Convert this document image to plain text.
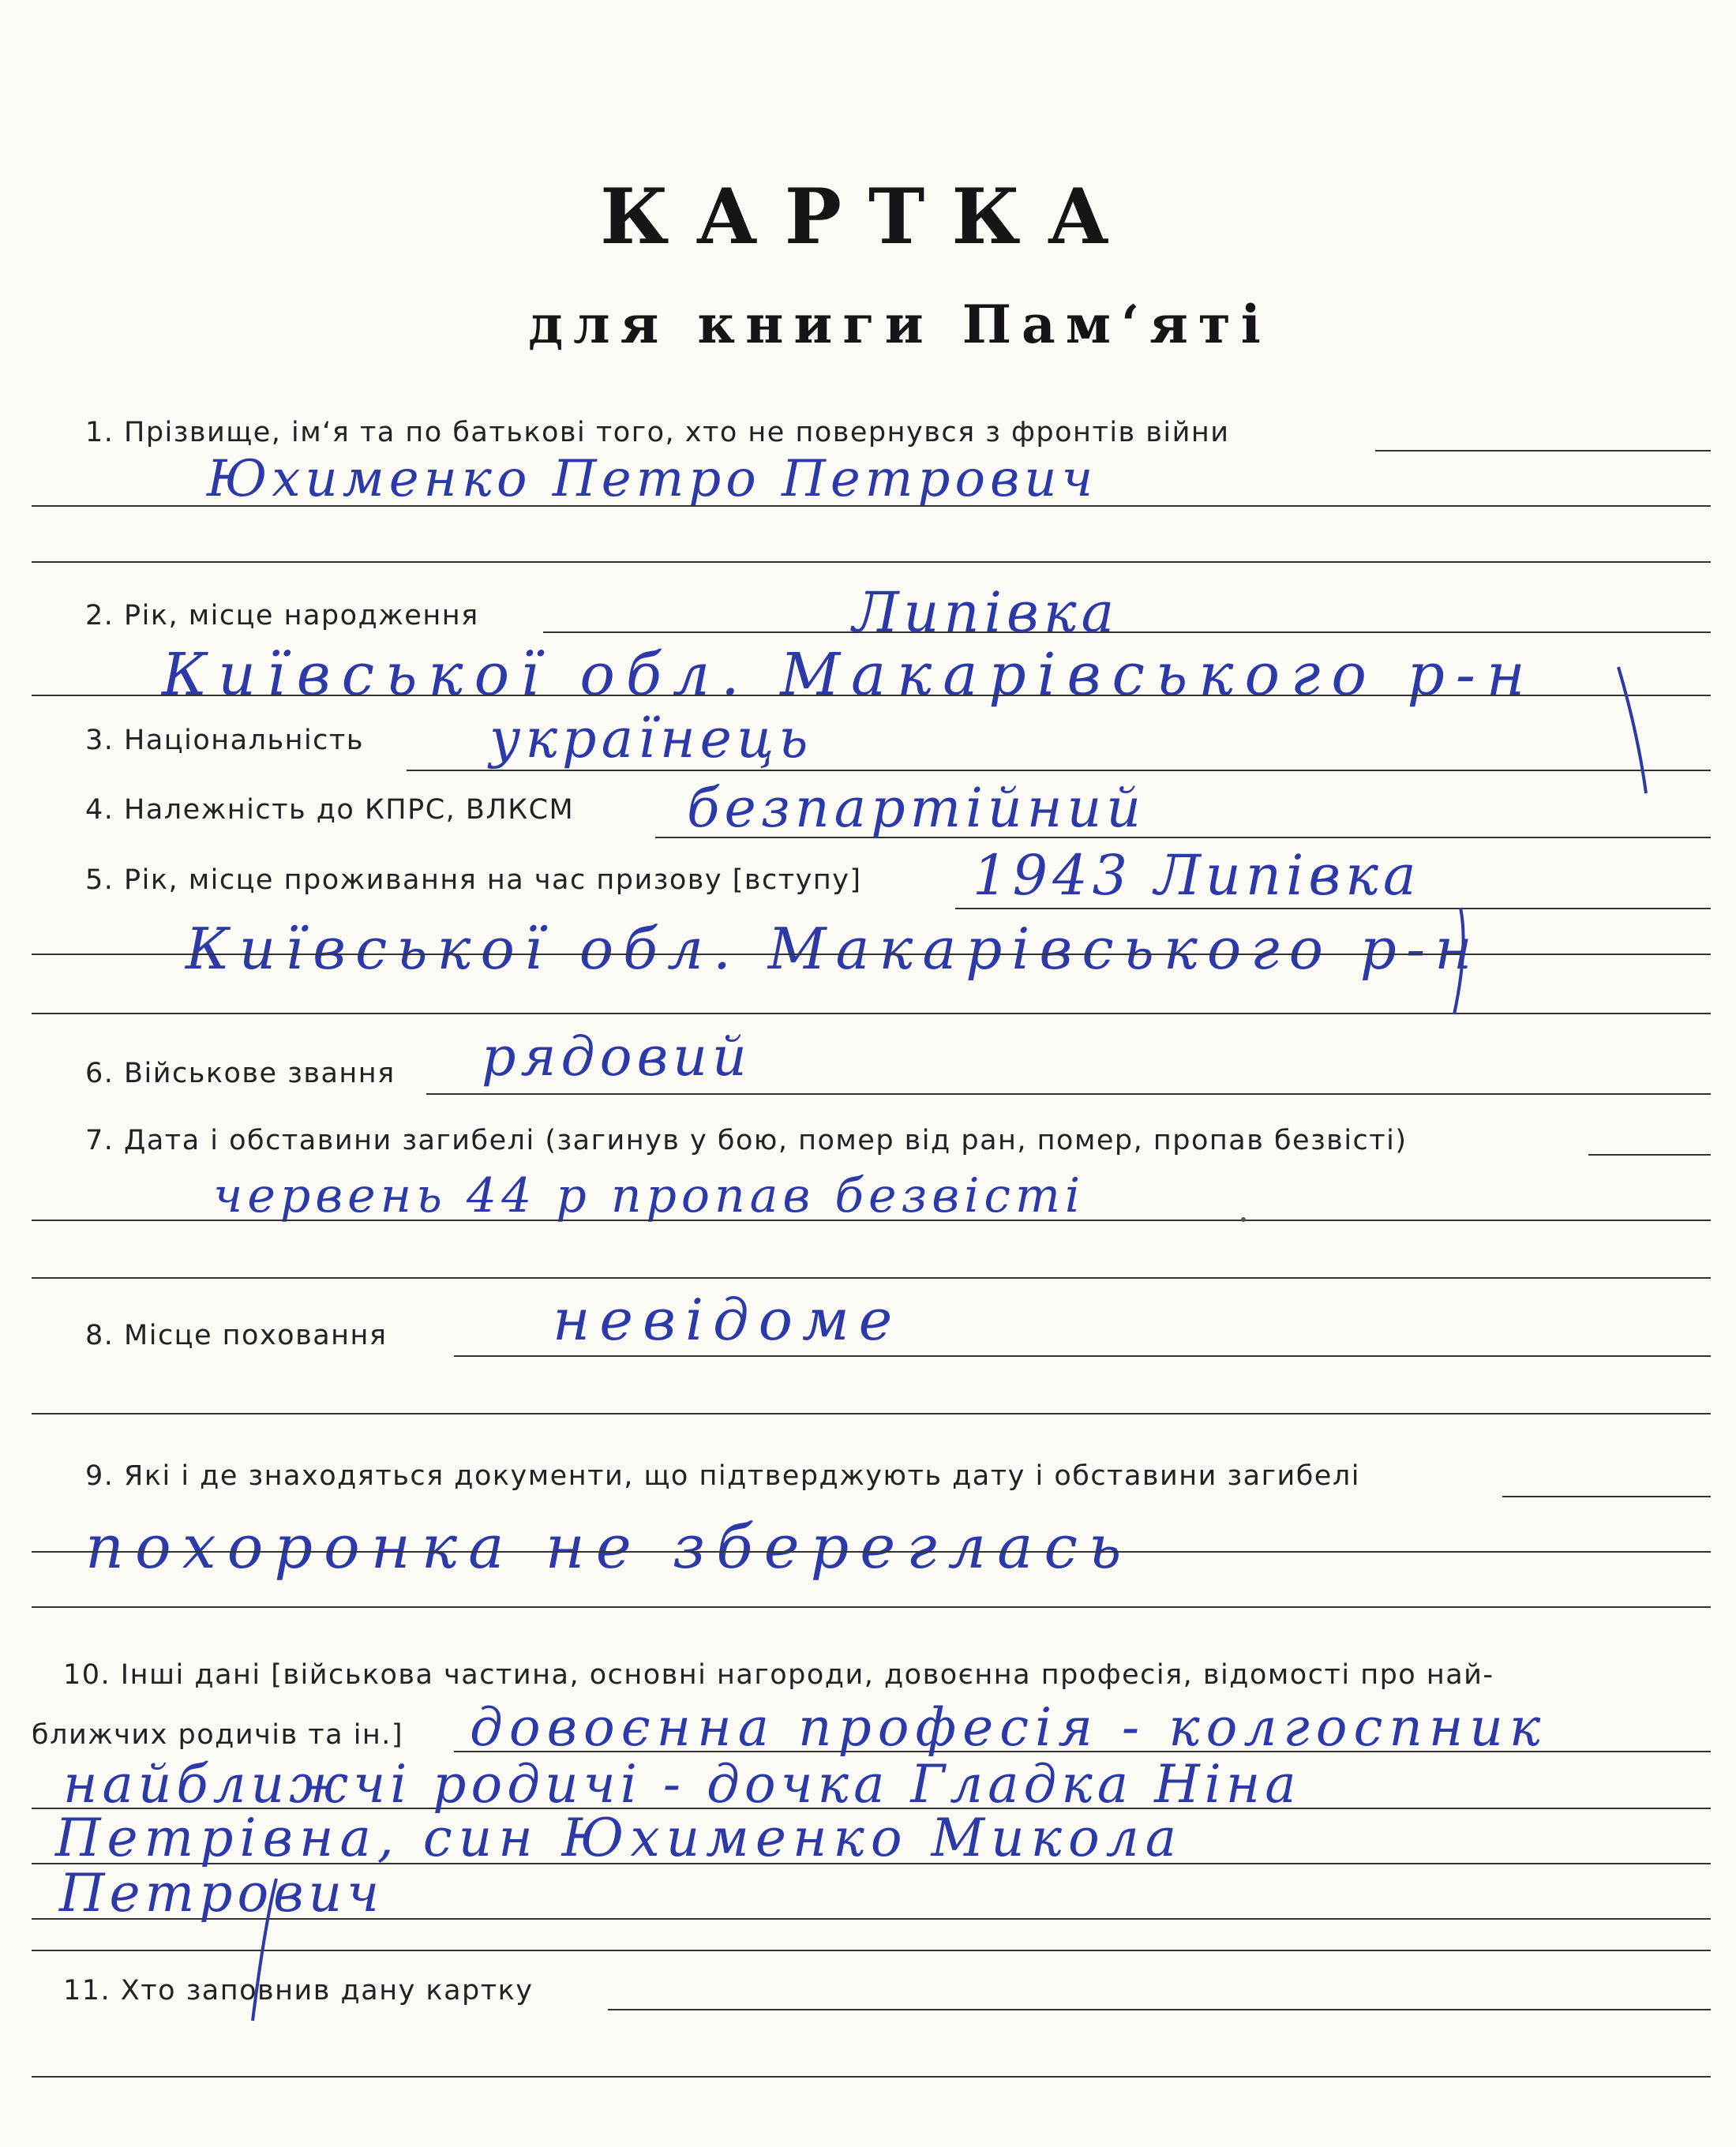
КАРТКА
для книги Пам‘яті
1. Прізвище, ім‘я та по батькові того, хто не повернувся з фронтів війни
Юхименко Петро Петрович
2. Рік, місце народження	Липівка
Київської обл. Макарівського р-н
3. Національність українець
4. Належність до КПРС, ВЛКСМ безпартійний
5. Рік, місце проживання на час призову [вступу] 1943 Липівка
Київської обл. Макарівського р-н
6. Військове звання рядовий
7. Дата і обставини загибелі (загинув у бою, помер від ран, помер, пропав безвісті)
червень 44 р пропав безвісті
8. Місце поховання	невідоме
9. Які і де знаходяться документи, що підтверджують дату і обставини загибелі
похоронка не збереглась
10. Інші дані [військова частина, основні нагороди, довоєнна професія, відомості про най-
ближчих родичів та ін.] довоєнна професія - колгоспник
найближчі родичі - дочка Гладка Ніна
Петрівна, син Юхименко Микола
Петрович
11. Хто заповнив дану картку
